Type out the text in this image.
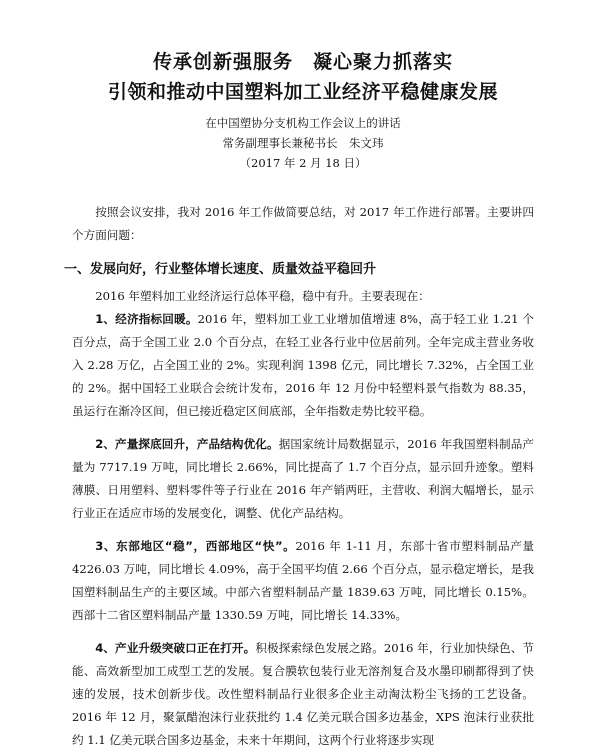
传承创新强服务　凝心聚力抓落实
引领和推动中国塑料加工业经济平稳健康发展
在中国塑协分支机构工作会议上的讲话
常务副理事长兼秘书长　朱文玮
（2017 年 2 月 18 日）

按照会议安排，我对 2016 年工作做简要总结，对 2017 年工作进行部署。主要讲四个方面问题：

一、发展向好，行业整体增长速度、质量效益平稳回升

2016 年塑料加工业经济运行总体平稳，稳中有升。主要表现在：

1、经济指标回暖。2016 年，塑料加工业工业增加值增速 8%，高于轻工业 1.21 个百分点，高于全国工业 2.0 个百分点，在轻工业各行业中位居前列。全年完成主营业务收入 2.28 万亿，占全国工业的 2%。实现利润 1398 亿元，同比增长 7.32%，占全国工业的 2%。据中国轻工业联合会统计发布，2016 年 12 月份中轻塑料景气指数为 88.35，虽运行在渐冷区间，但已接近稳定区间底部，全年指数走势比较平稳。

2、产量探底回升，产品结构优化。据国家统计局数据显示，2016 年我国塑料制品产量为 7717.19 万吨，同比增长 2.66%，同比提高了 1.7 个百分点，显示回升迹象。塑料薄膜、日用塑料、塑料零件等子行业在 2016 年产销两旺，主营收、利润大幅增长，显示行业正在适应市场的发展变化，调整、优化产品结构。

3、东部地区“稳”，西部地区“快”。2016 年 1-11 月，东部十省市塑料制品产量 4226.03 万吨，同比增长 4.09%，高于全国平均值 2.66 个百分点，显示稳定增长，是我国塑料制品生产的主要区域。中部六省塑料制品产量 1839.63 万吨，同比增长 0.15%。西部十二省区塑料制品产量 1330.59 万吨，同比增长 14.33%。

4、产业升级突破口正在打开。积极探索绿色发展之路。2016 年，行业加快绿色、节能、高效新型加工成型工艺的发展。复合膜软包装行业无溶剂复合及水墨印刷都得到了快速的发展，技术创新步伐。改性塑料制品行业很多企业主动淘汰粉尘飞扬的工艺设备。2016 年 12 月，聚氯醋泡沫行业获批约 1.4 亿美元联合国多边基金，XPS 泡沫行业获批约 1.1 亿美元联合国多边基金，未来十年期间，这两个行业将逐步实现
